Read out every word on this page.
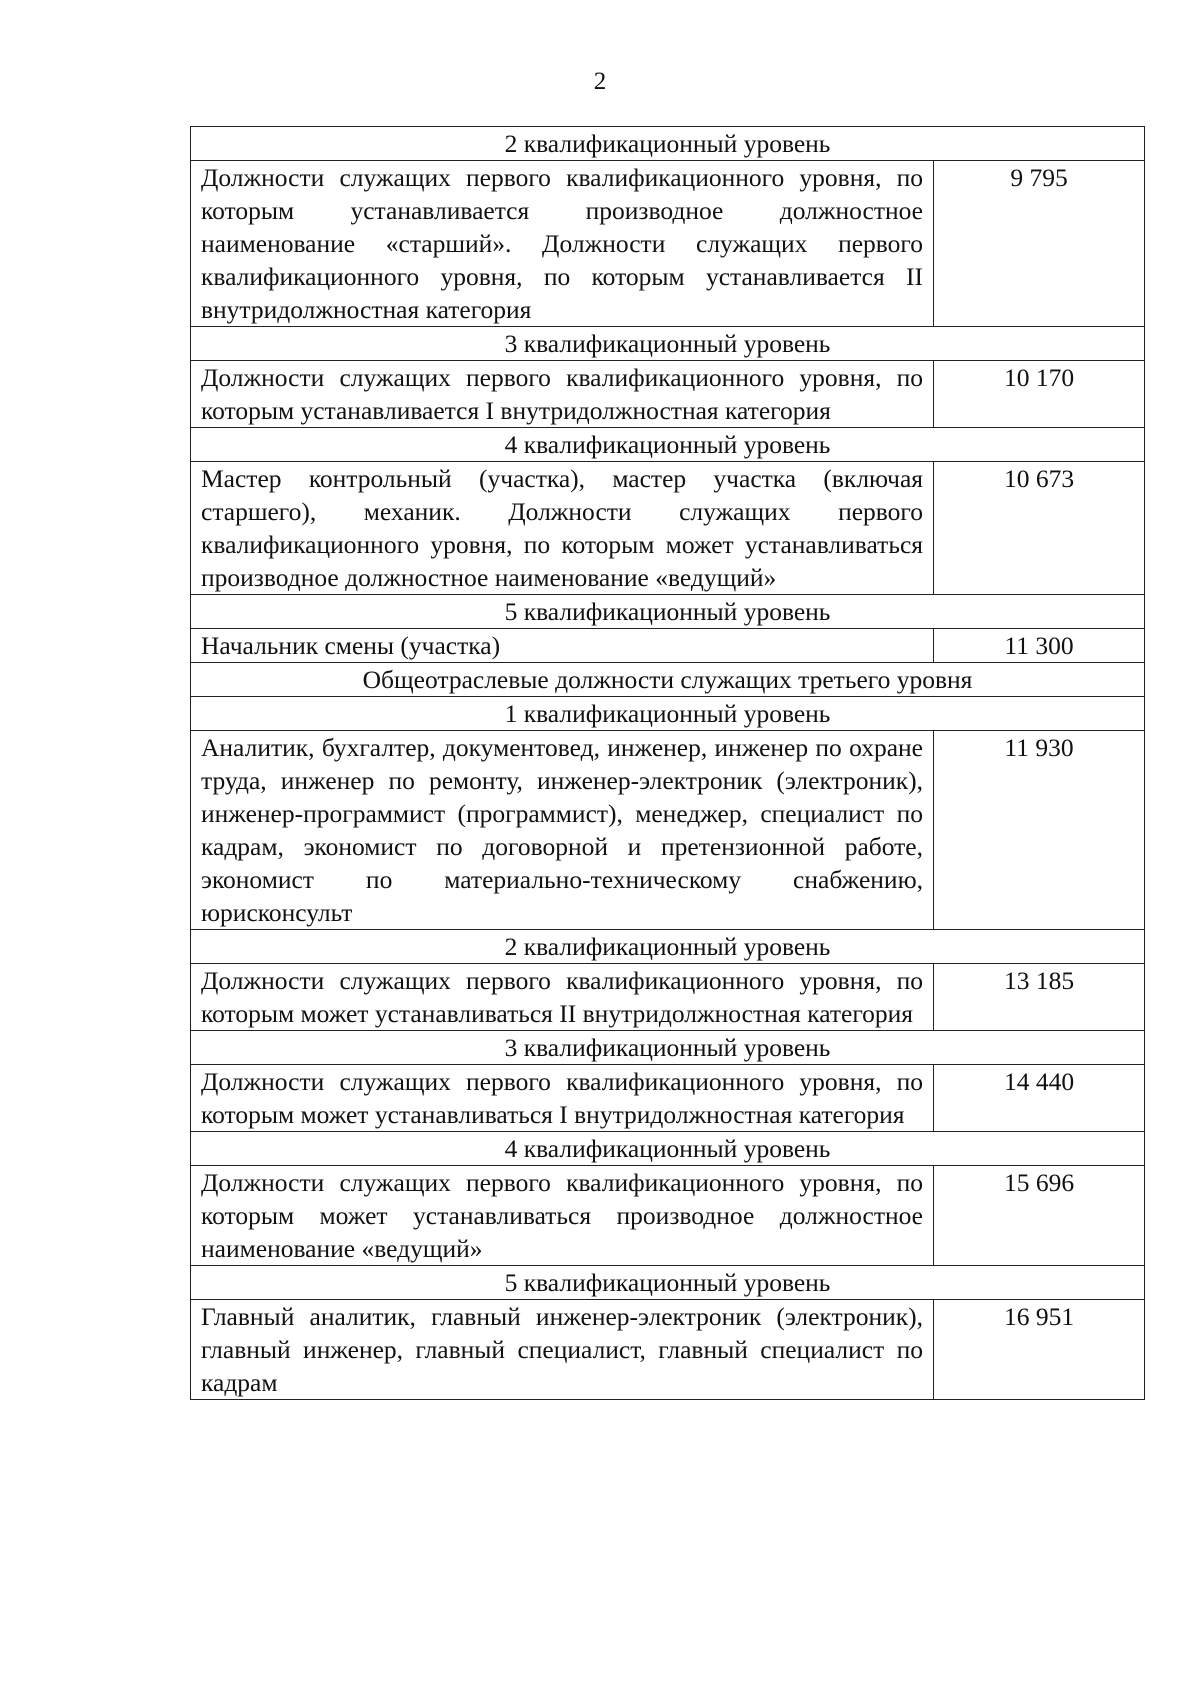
2
2 квалификационный уровень	
Должности служащих первого квалификационного уровня, по которым устанавливается производное должностное наименование «старший». Должности служащих первого квалификационного уровня, по которым устанавливается II внутридолжностная категория	9 795
3 квалификационный уровень	
Должности служащих первого квалификационного уровня, по которым устанавливается I внутридолжностная категория	10 170
4 квалификационный уровень	
Мастер контрольный (участка), мастер участка (включая старшего), механик. Должности служащих первого квалификационного уровня, по которым может устанавливаться производное должностное наименование «ведущий»	10 673
5 квалификационный уровень	
Начальник смены (участка)	11 300
Общеотраслевые должности служащих третьего уровня	
1 квалификационный уровень	
Аналитик, бухгалтер, документовед, инженер, инженер по охране труда, инженер по ремонту, инженер-электроник (электроник), инженер-программист (программист), менеджер, специалист по кадрам, экономист по договорной и претензионной работе, экономист по материально-техническому снабжению, юрисконсульт	11 930
2 квалификационный уровень	
Должности служащих первого квалификационного уровня, по которым может устанавливаться II внутридолжностная категория	13 185
3 квалификационный уровень	
Должности служащих первого квалификационного уровня, по которым может устанавливаться I внутридолжностная категория	14 440
4 квалификационный уровень	
Должности служащих первого квалификационного уровня, по которым может устанавливаться производное должностное наименование «ведущий»	15 696
5 квалификационный уровень	
Главный аналитик, главный инженер-электроник (электроник), главный инженер, главный специалист, главный специалист по кадрам	16 951
